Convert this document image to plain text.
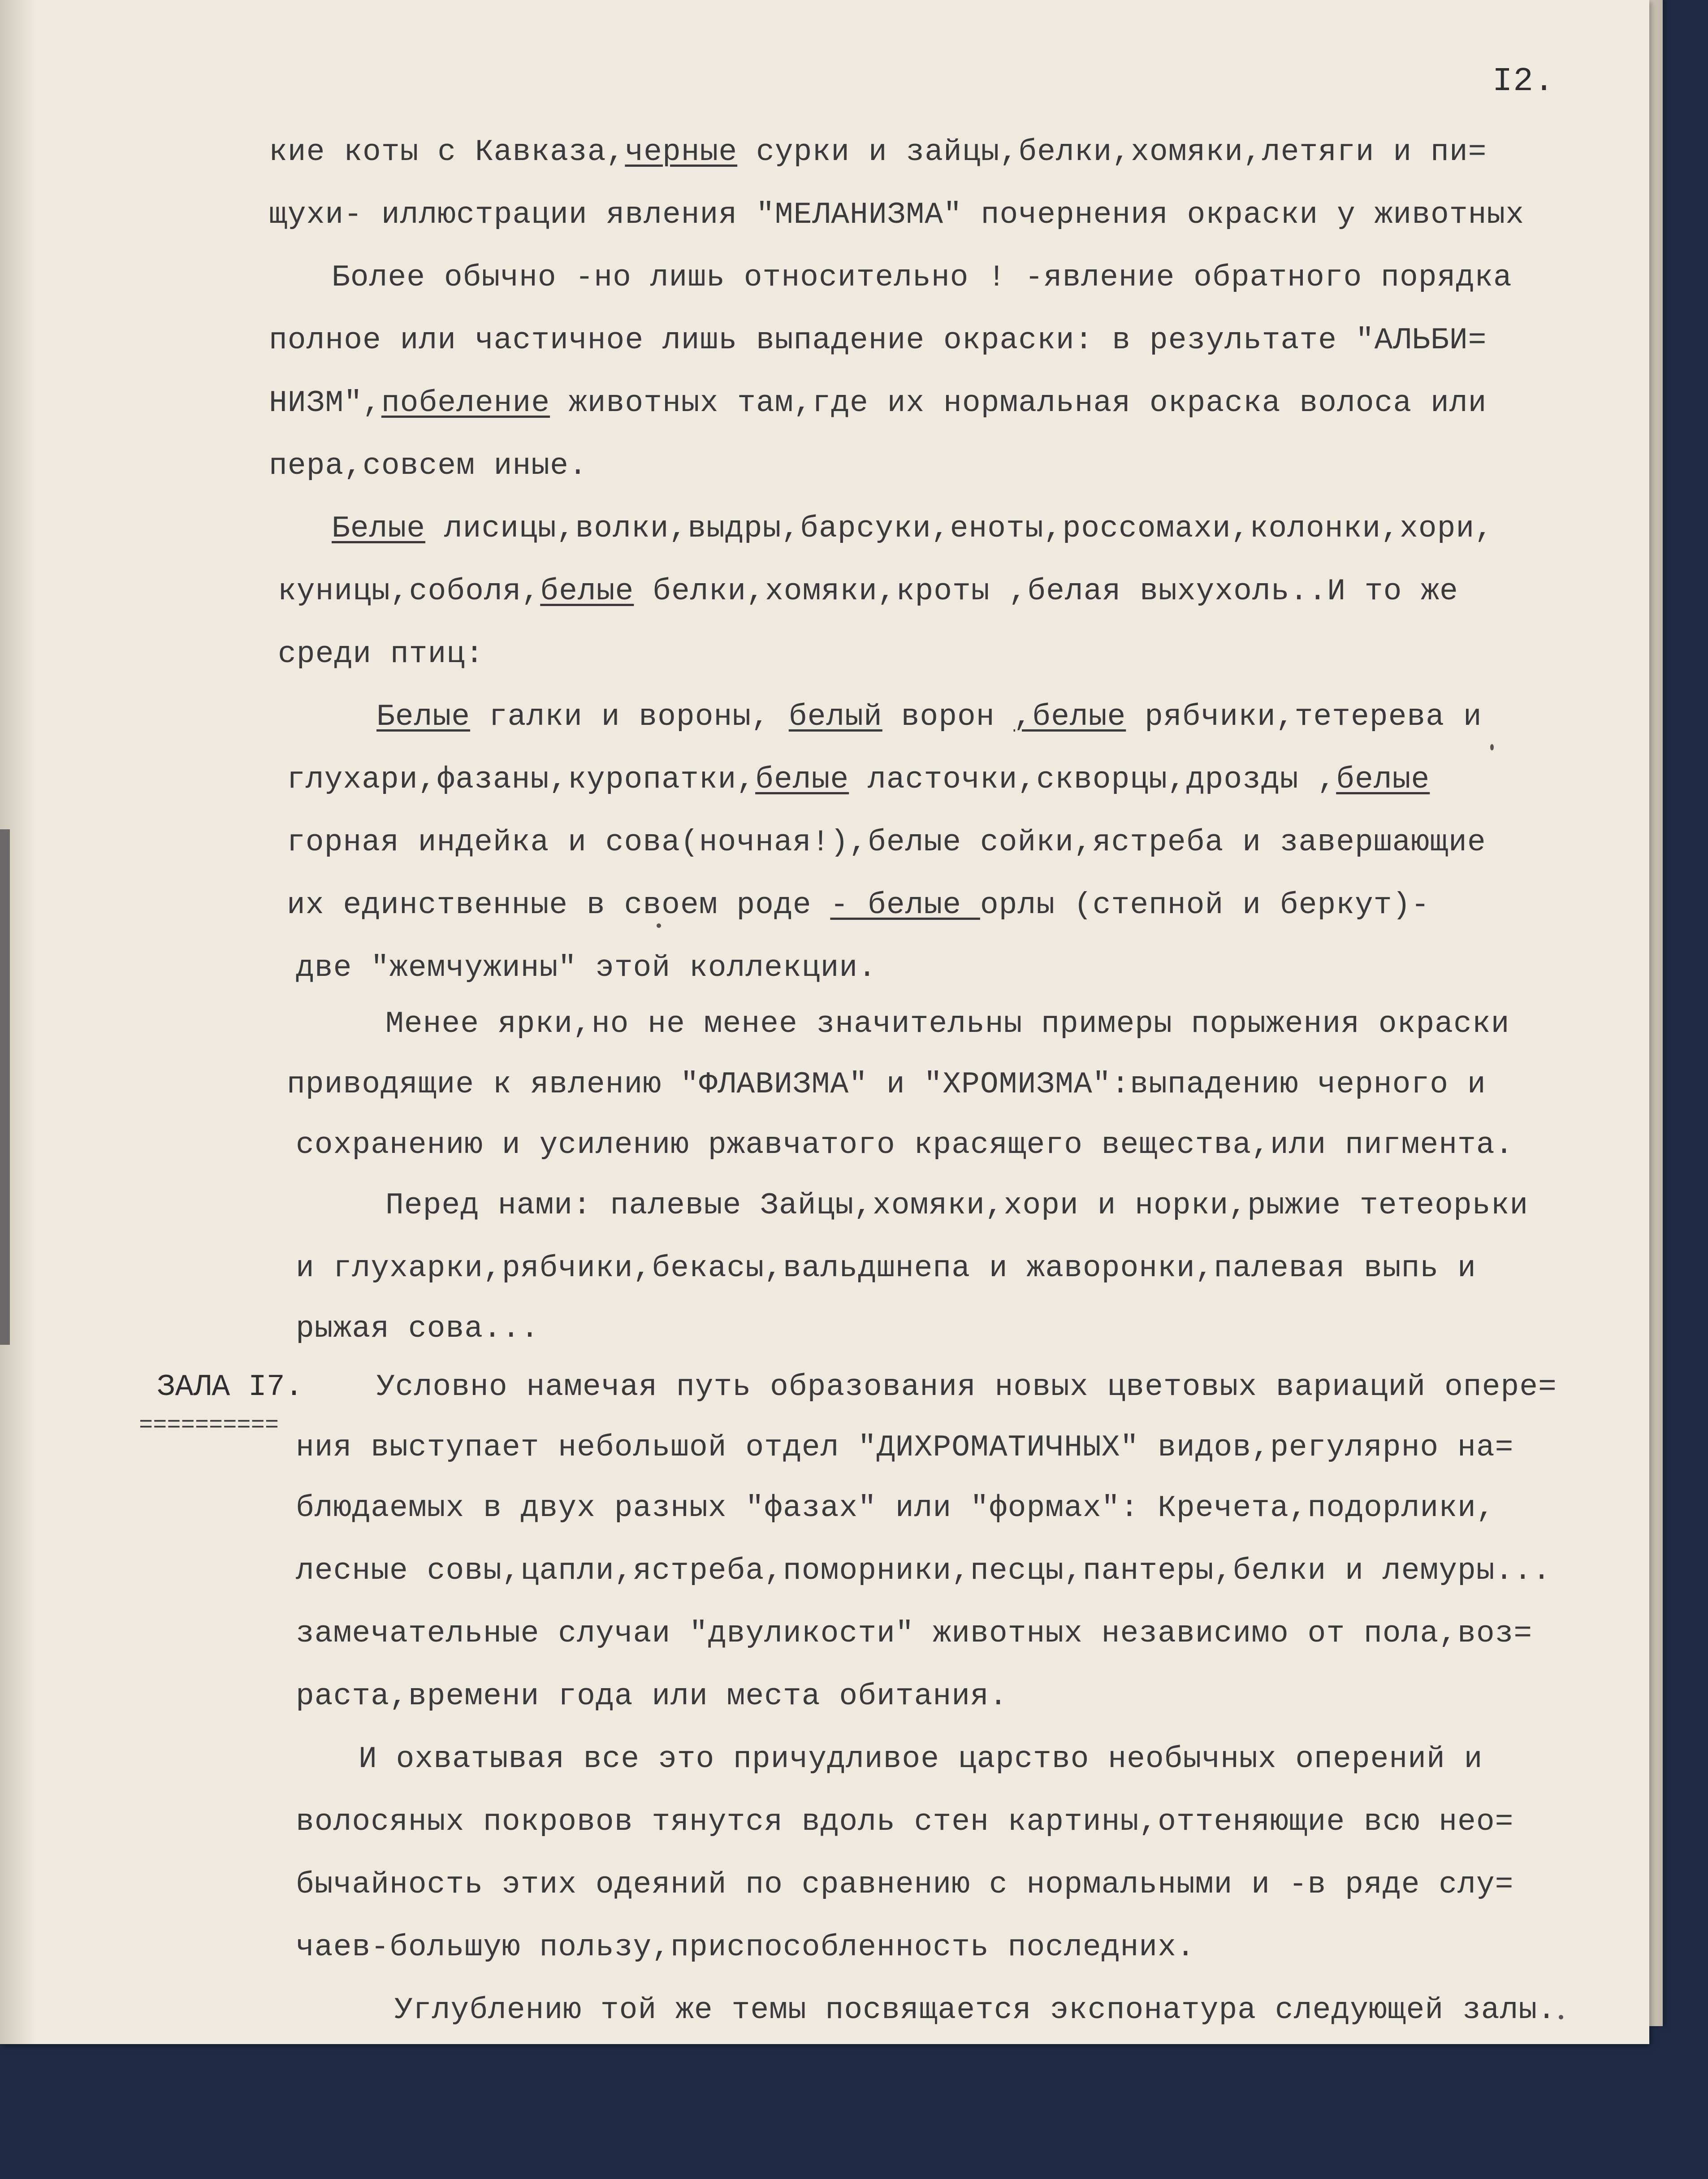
I2.
ЗАЛА I7.
==========
кие коты с Кавказа,черные сурки и зайцы,белки,хомяки,летяги и пи=
щухи- иллюстрации явления "МЕЛАНИЗМА" почернения окраски у животных
Более обычно -но лишь относительно ! -явление обратного порядка
полное или частичное лишь выпадение окраски: в результате "АЛЬБИ=
НИЗМ",побеление животных там,где их нормальная окраска волоса или
пера,совсем иные.
Белые лисицы,волки,выдры,барсуки,еноты,россомахи,колонки,хори,
куницы,соболя,белые белки,хомяки,кроты ,белая выхухоль..И то же
среди птиц:
Белые галки и вороны, белый ворон ,белые рябчики,тетерева и
глухари,фазаны,куропатки,белые ласточки,скворцы,дрозды ,белые
горная индейка и сова(ночная!),белые сойки,ястреба и завершающие
их единственные в своем роде - белые орлы (степной и беркут)-
две "жемчужины" этой коллекции.
Менее ярки,но не менее значительны примеры порыжения окраски
приводящие к явлению "ФЛАВИЗМА" и "ХРОМИЗМА":выпадению черного и
сохранению и усилению ржавчатого красящего вещества,или пигмента.
Перед нами: палевые Зайцы,хомяки,хори и норки,рыжие тетеорьки
и глухарки,рябчики,бекасы,вальдшнепа и жаворонки,палевая выпь и
рыжая сова...
Условно намечая путь образования новых цветовых вариаций опере=
ния выступает небольшой отдел "ДИХРОМАТИЧНЫХ" видов,регулярно на=
блюдаемых в двух разных "фазах" или "формах": Кречета,подорлики,
лесные совы,цапли,ястреба,поморники,песцы,пантеры,белки и лемуры...
замечательные случаи "двуликости" животных независимо от пола,воз=
раста,времени года или места обитания.
И охватывая все это причудливое царство необычных оперений и
волосяных покровов тянутся вдоль стен картины,оттеняющие всю нео=
бычайность этих одеяний по сравнению с нормальными и -в ряде слу=
чаев-большую пользу,приспособленность последних.
Углублению той же темы посвящается экспонатура следующей залы.
